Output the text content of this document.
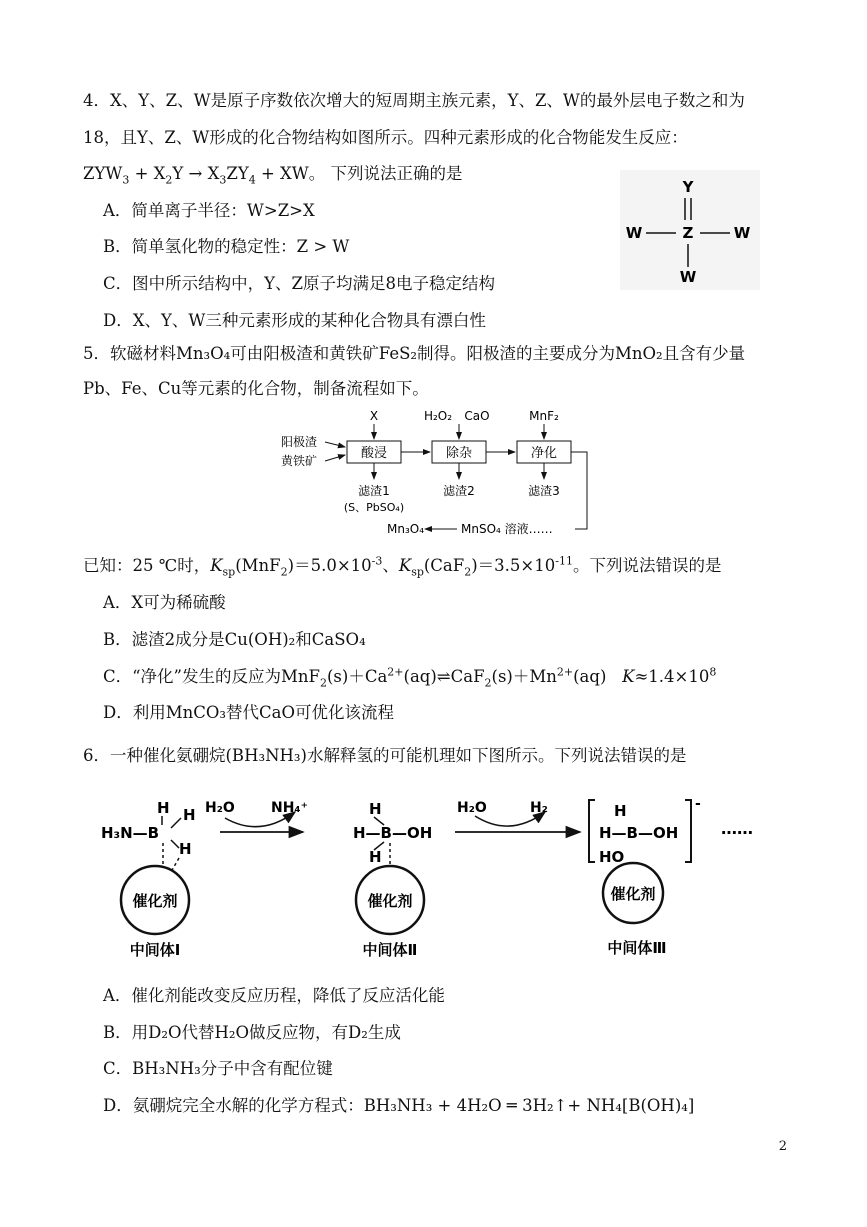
4．X、Y、Z、W是原子序数依次增大的短周期主族元素，Y、Z、W的最外层电子数之和为
18，且Y、Z、W形成的化合物结构如图所示。四种元素形成的化合物能发生反应：
$ZYW_3 + X_2Y \to X_3ZY_4$ + XW。 下列说法正确的是
A．简单离子半径：W>Z>X
B．简单氢化物的稳定性：Z > W
C．图中所示结构中，Y、Z原子均满足8电子稳定结构
D．X、Y、W三种元素形成的某种化合物具有漂白性
Y
W	Z	W
W
5．软磁材料Mn₃O₄可由阳极渣和黄铁矿FeS₂制得。阳极渣的主要成分为MnO₂且含有少量
Pb、Fe、Cu等元素的化合物，制备流程如下。
阳极渣
黄铁矿	酸浸
X
除杂
H₂O₂ CaO
净化
MnF₂
滤渣1
(S、PbSO₄)
滤渣2	滤渣3
MnSO₄ 溶液……
Mn₃O₄
已知：25 ℃时，$K_{sp}(MnF_2)=5.0\times 10^{-3}$、$K_{sp}(CaF_2)=3.5\times 10^{-11}$。下列说法错误的是
A．X可为稀硫酸
B．滤渣2成分是Cu(OH)₂和CaSO₄
C．“净化”发生的反应为$MnF_2(s)+Ca^{2+}(aq)\rightleftharpoons CaF_2(s)+Mn^{2+}(aq)$   $K\approx 1.4\times 10^8$
D．利用MnCO₃替代CaO可优化该流程
6．一种催化氨硼烷(BH₃NH₃)水解释氢的可能机理如下图所示。下列说法错误的是
H H
H₃N—B
H
催化剂
中间体Ⅰ
H₂O	NH₄⁺	H
H—B—OH
H
催化剂
中间体Ⅱ
H₂O	H₂	H
H—B—OH
HO
-
……
催化剂
中间体Ⅲ
A．催化剂能改变反应历程，降低了反应活化能
B．用D₂O代替H₂O做反应物，有D₂生成
C．BH₃NH₃分子中含有配位键
D．氨硼烷完全水解的化学方程式：BH₃NH₃ + 4H₂O ═ 3H₂↑+ NH₄[B(OH)₄]
2
